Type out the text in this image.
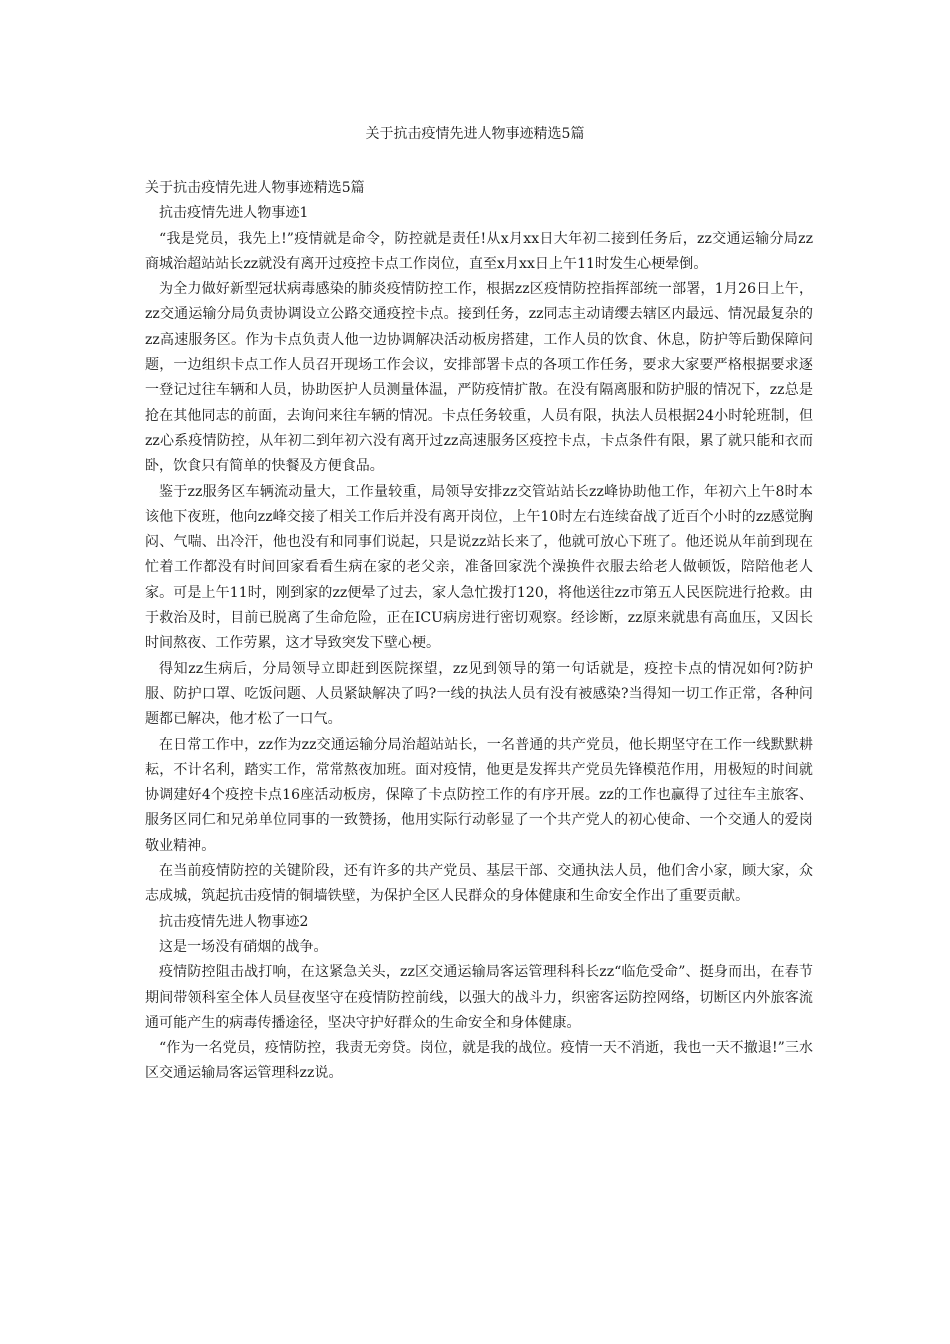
关于抗击疫情先进人物事迹精选5篇

关于抗击疫情先进人物事迹精选5篇

抗击疫情先进人物事迹1

“我是党员，我先上!”疫情就是命令，防控就是责任!从x月xx日大年初二接到任务后，zz交通运输分局zz商城治超站站长zz就没有离开过疫控卡点工作岗位，直至x月xx日上午11时发生心梗晕倒。

为全力做好新型冠状病毒感染的肺炎疫情防控工作，根据zz区疫情防控指挥部统一部署，1月26日上午，zz交通运输分局负责协调设立公路交通疫控卡点。接到任务，zz同志主动请缨去辖区内最远、情况最复杂的zz高速服务区。作为卡点负责人他一边协调解决活动板房搭建，工作人员的饮食、休息，防护等后勤保障问题，一边组织卡点工作人员召开现场工作会议，安排部署卡点的各项工作任务，要求大家要严格根据要求逐一登记过往车辆和人员，协助医护人员测量体温，严防疫情扩散。在没有隔离服和防护服的情况下，zz总是抢在其他同志的前面，去询问来往车辆的情况。卡点任务较重，人员有限，执法人员根据24小时轮班制，但zz心系疫情防控，从年初二到年初六没有离开过zz高速服务区疫控卡点，卡点条件有限，累了就只能和衣而卧，饮食只有简单的快餐及方便食品。

鉴于zz服务区车辆流动量大，工作量较重，局领导安排zz交管站站长zz峰协助他工作，年初六上午8时本该他下夜班，他向zz峰交接了相关工作后并没有离开岗位，上午10时左右连续奋战了近百个小时的zz感觉胸闷、气喘、出冷汗，他也没有和同事们说起，只是说zz站长来了，他就可放心下班了。他还说从年前到现在忙着工作都没有时间回家看看生病在家的老父亲，准备回家洗个澡换件衣服去给老人做顿饭，陪陪他老人家。可是上午11时，刚到家的zz便晕了过去，家人急忙拨打120，将他送往zz市第五人民医院进行抢救。由于救治及时，目前已脱离了生命危险，正在ICU病房进行密切观察。经诊断，zz原来就患有高血压，又因长时间熬夜、工作劳累，这才导致突发下壁心梗。

得知zz生病后，分局领导立即赶到医院探望，zz见到领导的第一句话就是，疫控卡点的情况如何?防护服、防护口罩、吃饭问题、人员紧缺解决了吗?一线的执法人员有没有被感染?当得知一切工作正常，各种问题都已解决，他才松了一口气。

在日常工作中，zz作为zz交通运输分局治超站站长，一名普通的共产党员，他长期坚守在工作一线默默耕耘，不计名利，踏实工作，常常熬夜加班。面对疫情，他更是发挥共产党员先锋模范作用，用极短的时间就协调建好4个疫控卡点16座活动板房，保障了卡点防控工作的有序开展。zz的工作也赢得了过往车主旅客、服务区同仁和兄弟单位同事的一致赞扬，他用实际行动彰显了一个共产党人的初心使命、一个交通人的爱岗敬业精神。

在当前疫情防控的关键阶段，还有许多的共产党员、基层干部、交通执法人员，他们舍小家，顾大家，众志成城，筑起抗击疫情的铜墙铁壁，为保护全区人民群众的身体健康和生命安全作出了重要贡献。

抗击疫情先进人物事迹2

这是一场没有硝烟的战争。

疫情防控阻击战打响，在这紧急关头，zz区交通运输局客运管理科科长zz“临危受命”、挺身而出，在春节期间带领科室全体人员昼夜坚守在疫情防控前线，以强大的战斗力，织密客运防控网络，切断区内外旅客流通可能产生的病毒传播途径，坚决守护好群众的生命安全和身体健康。

“作为一名党员，疫情防控，我责无旁贷。岗位，就是我的战位。疫情一天不消逝，我也一天不撤退!”三水区交通运输局客运管理科zz说。
